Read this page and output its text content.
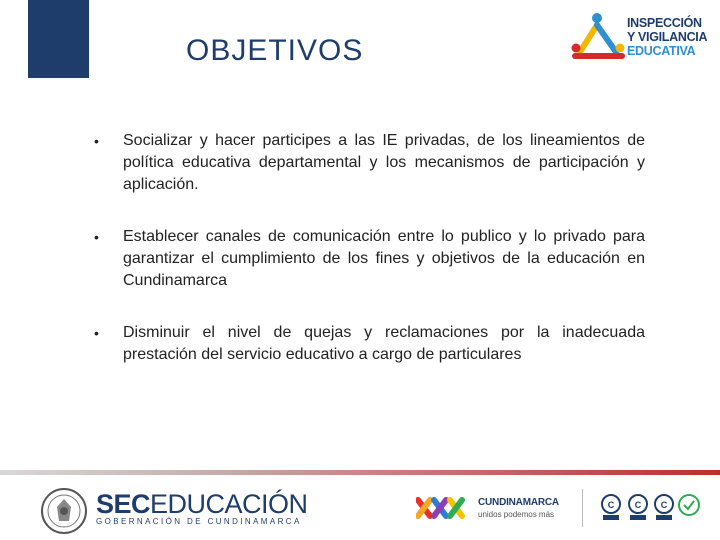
OBJETIVOS
INSPECCIÓN
Y VIGILANCIA
EDUCATIVA
• Socializar y hacer participes a las IE privadas, de los lineamientos de política educativa departamental y los mecanismos de participación y aplicación.
• Establecer canales de comunicación entre lo publico y lo privado para garantizar el cumplimiento de los fines y objetivos de la educación en Cundinamarca
• Disminuir el nivel de quejas y reclamaciones por la inadecuada prestación del servicio educativo a cargo de particulares
SECEDUCACIÓN
GOBERNACIÓN DE CUNDINAMARCA
CUNDINAMARCA
unidos podemos más
C C C
